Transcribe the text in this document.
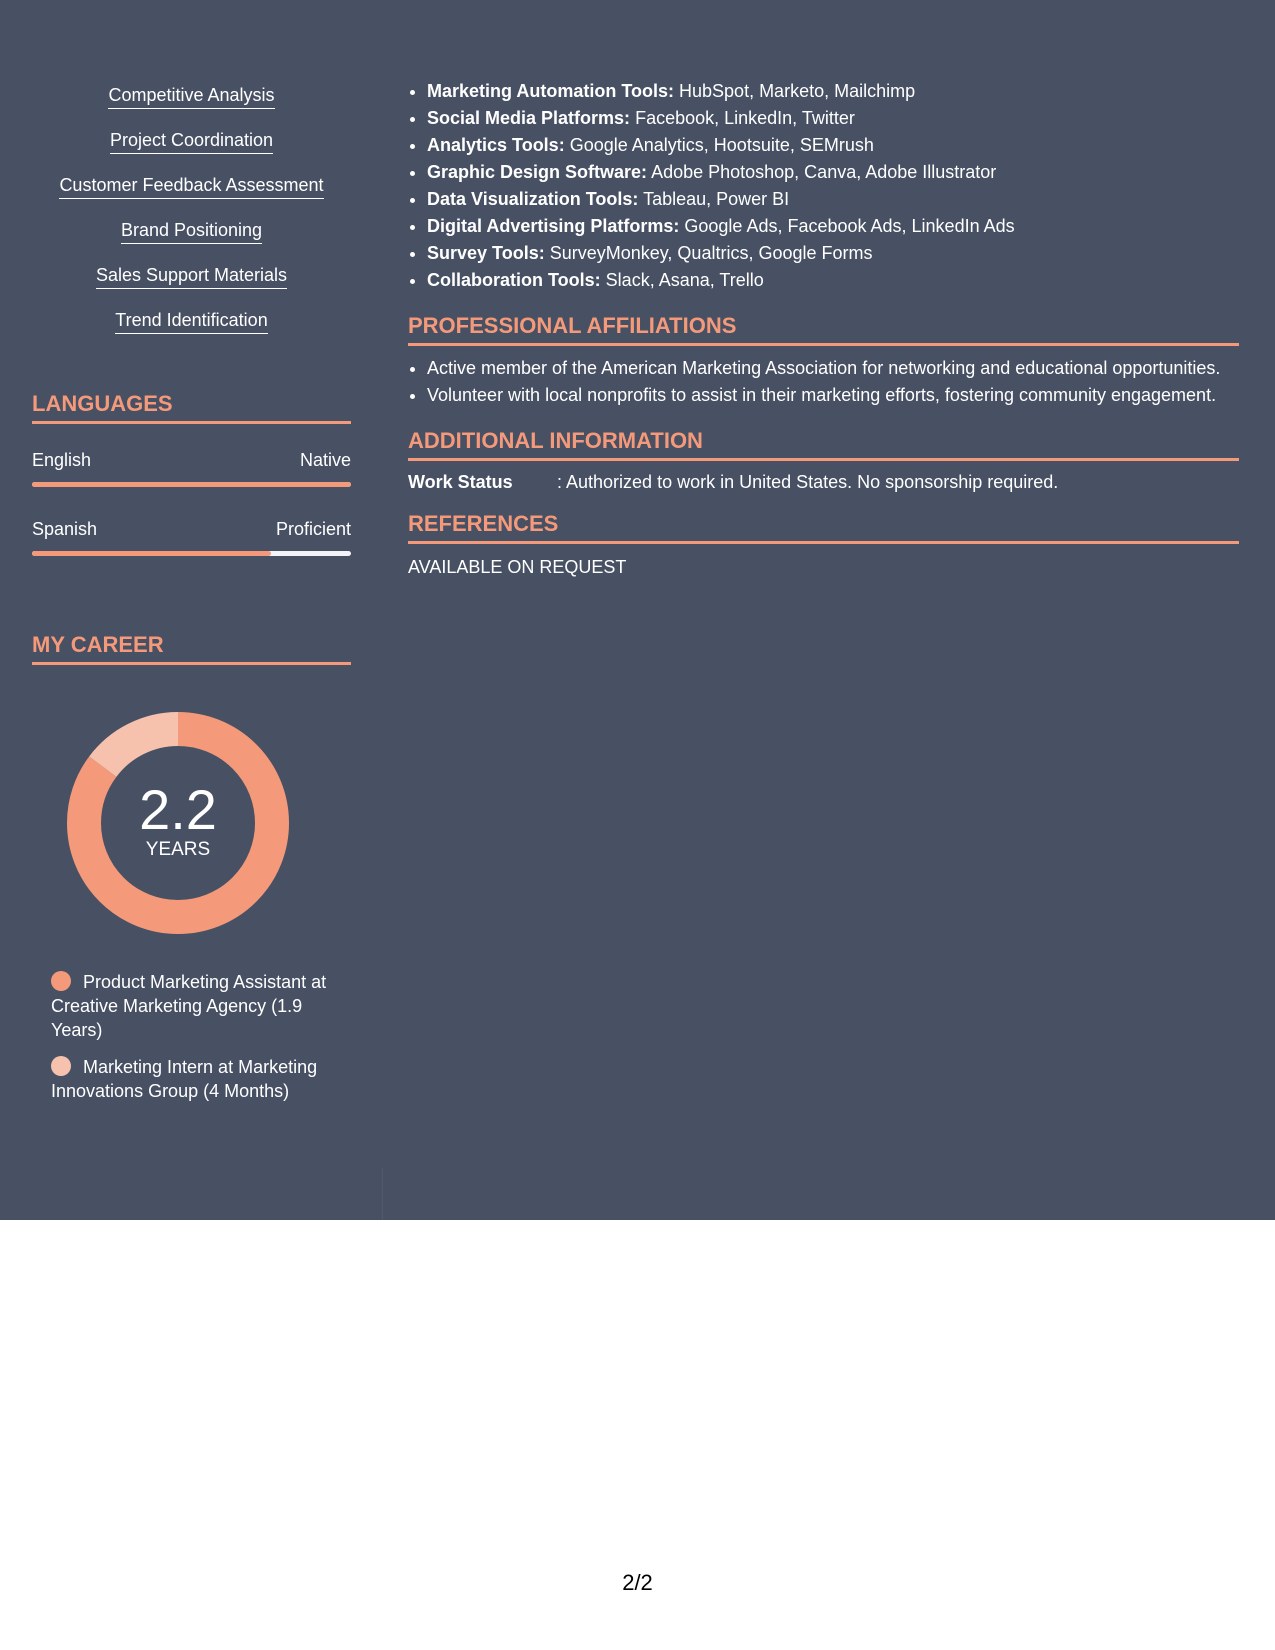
Competitive Analysis
Project Coordination
Customer Feedback Assessment
Brand Positioning
Sales Support Materials
Trend Identification
LANGUAGES
English	Native
Spanish	Proficient
MY CAREER
2.2
YEARS
Product Marketing Assistant at Creative Marketing Agency (1.9 Years)
Marketing Intern at Marketing Innovations Group (4 Months)
• Marketing Automation Tools: HubSpot, Marketo, Mailchimp
• Social Media Platforms: Facebook, LinkedIn, Twitter
• Analytics Tools: Google Analytics, Hootsuite, SEMrush
• Graphic Design Software: Adobe Photoshop, Canva, Adobe Illustrator
• Data Visualization Tools: Tableau, Power BI
• Digital Advertising Platforms: Google Ads, Facebook Ads, LinkedIn Ads
• Survey Tools: SurveyMonkey, Qualtrics, Google Forms
• Collaboration Tools: Slack, Asana, Trello
PROFESSIONAL AFFILIATIONS
• Active member of the American Marketing Association for networking and educational opportunities.
• Volunteer with local nonprofits to assist in their marketing efforts, fostering community engagement.
ADDITIONAL INFORMATION
Work Status : Authorized to work in United States. No sponsorship required.
REFERENCES
AVAILABLE ON REQUEST
2/2
